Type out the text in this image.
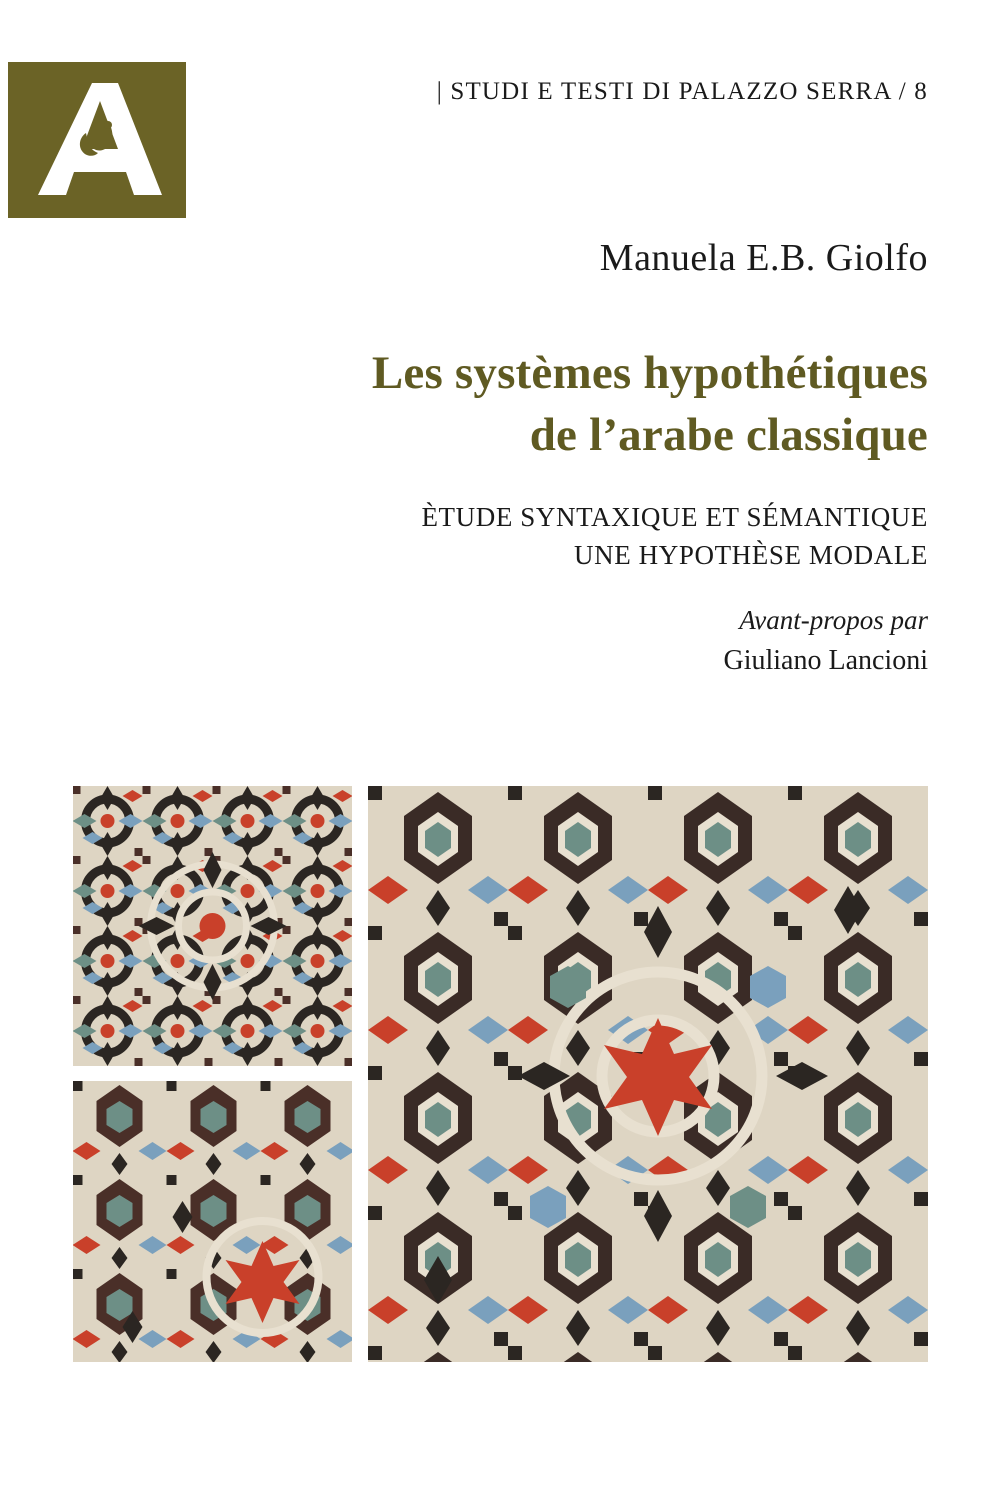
| STUDI E TESTI DI PALAZZO SERRA / 8
Manuela E.B. Giolfo
Les systèmes hypothétiques
de l’arabe classique
ÈTUDE SYNTAXIQUE ET SÉMANTIQUE
UNE HYPOTHÈSE MODALE
Avant-propos par
Giuliano Lancioni
